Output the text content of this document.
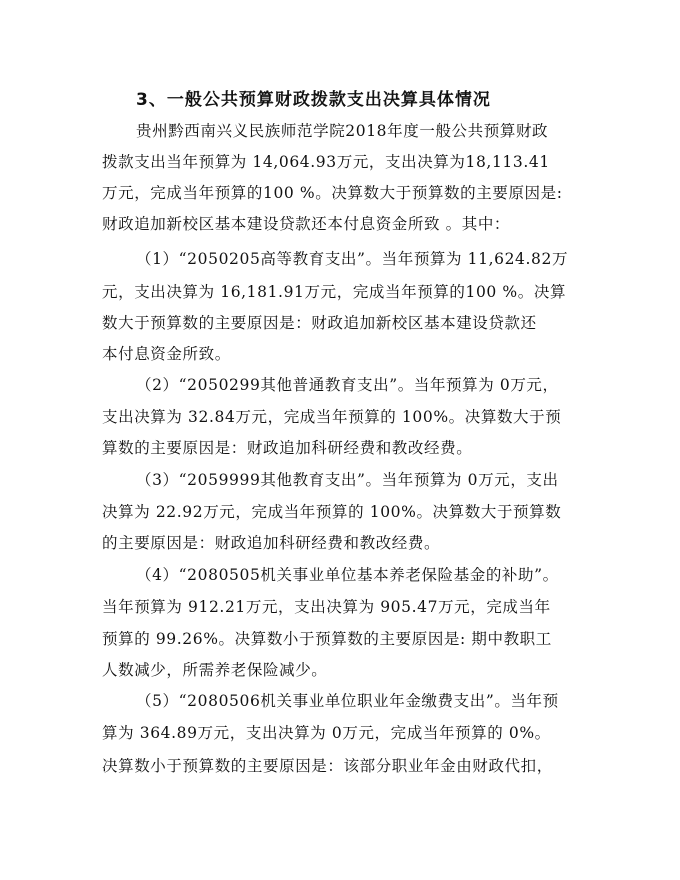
3、一般公共预算财政拨款支出决算具体情况
贵州黔西南兴义民族师范学院2018年度一般公共预算财政
拨款支出当年预算为 14,064.93万元，支出决算为18,113.41
万元，完成当年预算的100 %。决算数大于预算数的主要原因是:
财政追加新校区基本建设贷款还本付息资金所致 。其中：
（1）“2050205高等教育支出”。当年预算为 11,624.82万
元，支出决算为 16,181.91万元，完成当年预算的100 %。决算
数大于预算数的主要原因是：财政追加新校区基本建设贷款还
本付息资金所致。
（2）“2050299其他普通教育支出”。当年预算为 0万元，
支出决算为 32.84万元，完成当年预算的 100%。决算数大于预
算数的主要原因是：财政追加科研经费和教改经费。
（3）“2059999其他教育支出”。当年预算为 0万元，支出
决算为 22.92万元，完成当年预算的 100%。决算数大于预算数
的主要原因是：财政追加科研经费和教改经费。
（4）“2080505机关事业单位基本养老保险基金的补助”。
当年预算为 912.21万元，支出决算为 905.47万元，完成当年
预算的 99.26%。决算数小于预算数的主要原因是: 期中教职工
人数减少，所需养老保险减少。
（5）“2080506机关事业单位职业年金缴费支出”。当年预
算为 364.89万元，支出决算为 0万元，完成当年预算的 0%。
决算数小于预算数的主要原因是：该部分职业年金由财政代扣，
